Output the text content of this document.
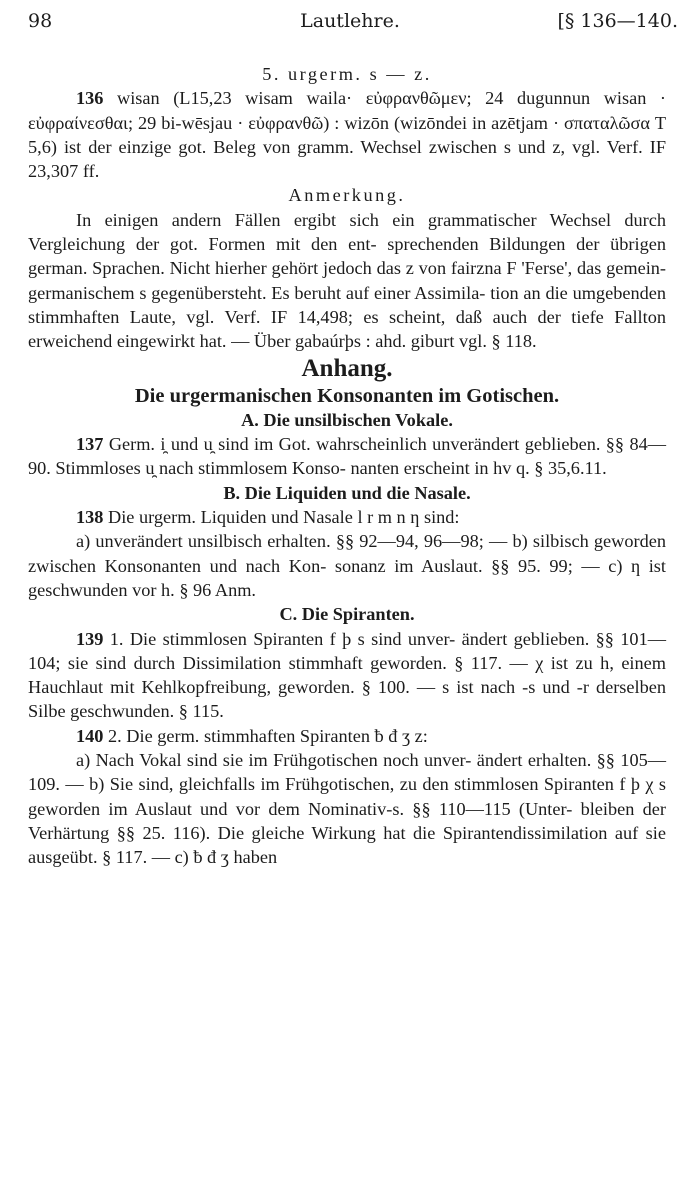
98	Lautlehre.	[§ 136—140.

5. urgerm. s — z.

136 wisan (L15,23 wisam waila· εὐφρανθῶμεν; 24 dugunnun wisan · εὐφραίνεσθαι; 29 bi-wēsjau · εὐφρανθῶ) : wizōn (wizōndei in azētjam · σπαταλῶσα T 5,6) ist der einzige got. Beleg von gramm. Wechsel zwischen s und z, vgl. Verf. IF 23,307 ff.

Anmerkung.

In einigen andern Fällen ergibt sich ein grammatischer Wechsel durch Vergleichung der got. Formen mit den ent- sprechenden Bildungen der übrigen german. Sprachen. Nicht hierher gehört jedoch das z von fairzna F 'Ferse', das gemein- germanischem s gegenübersteht. Es beruht auf einer Assimila- tion an die umgebenden stimmhaften Laute, vgl. Verf. IF 14,498; es scheint, daß auch der tiefe Fallton erweichend eingewirkt hat. — Über gabaúrþs : ahd. giburt vgl. § 118.

Anhang.

Die urgermanischen Konsonanten im Gotischen.

A. Die unsilbischen Vokale.

137 Germ. i̯ und u̯ sind im Got. wahrscheinlich unverändert geblieben. §§ 84—90. Stimmloses u̯ nach stimmlosem Konso- nanten erscheint in hv q. § 35,6.11.

B. Die Liquiden und die Nasale.

138 Die urgerm. Liquiden und Nasale l r m n ƞ sind:

a) unverändert unsilbisch erhalten. §§ 92—94, 96—98; — b) silbisch geworden zwischen Konsonanten und nach Kon- sonanz im Auslaut. §§ 95. 99; — c) ƞ ist geschwunden vor h. § 96 Anm.

C. Die Spiranten.

139 1. Die stimmlosen Spiranten f þ s sind unver- ändert geblieben. §§ 101—104; sie sind durch Dissimilation stimmhaft geworden. § 117. — χ ist zu h, einem Hauchlaut mit Kehlkopfreibung, geworden. § 100. — s ist nach -s und -r derselben Silbe geschwunden. § 115.

140 2. Die germ. stimmhaften Spiranten ƀ đ ʒ z:

a) Nach Vokal sind sie im Frühgotischen noch unver- ändert erhalten. §§ 105—109. — b) Sie sind, gleichfalls im Frühgotischen, zu den stimmlosen Spiranten f þ χ s geworden im Auslaut und vor dem Nominativ-s. §§ 110—115 (Unter- bleiben der Verhärtung §§ 25. 116). Die gleiche Wirkung hat die Spirantendissimilation auf sie ausgeübt. § 117. — c) ƀ đ ʒ haben
